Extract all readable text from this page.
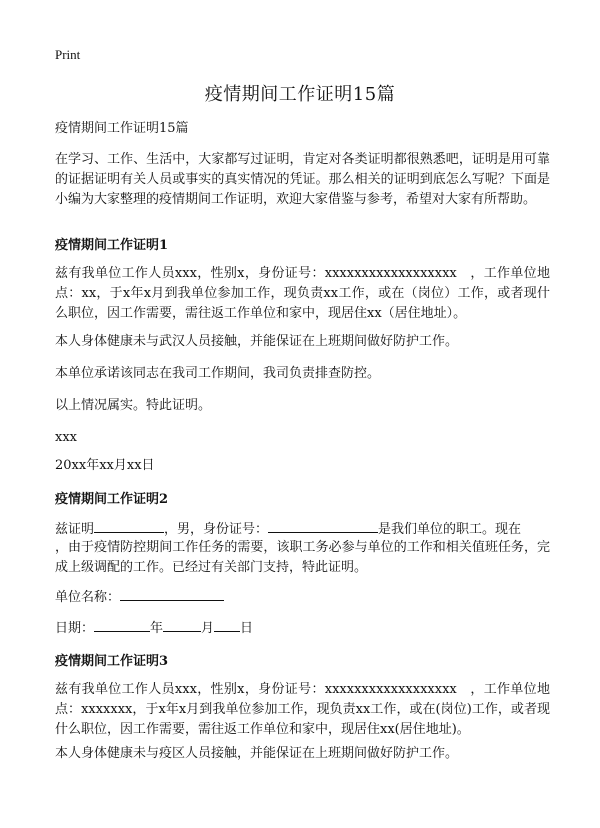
Print
疫情期间工作证明15篇

疫情期间工作证明15篇

在学习、工作、生活中，大家都写过证明，肯定对各类证明都很熟悉吧，证明是用可靠的证据证明有关人员或事实的真实情况的凭证。那么相关的证明到底怎么写呢？下面是小编为大家整理的疫情期间工作证明，欢迎大家借鉴与参考，希望对大家有所帮助。

疫情期间工作证明1

兹有我单位工作人员xxx，性别x，身份证号：xxxxxxxxxxxxxxxxxx　，工作单位地点：xx，于x年x月到我单位参加工作，现负责xx工作，或在（岗位）工作，或者现什么职位，因工作需要，需往返工作单位和家中，现居住xx（居住地址）。

本人身体健康未与武汉人员接触，并能保证在上班期间做好防护工作。

本单位承诺该同志在我司工作期间，我司负责排查防控。

以上情况属实。特此证明。

xxx

20xx年xx月xx日

疫情期间工作证明2
兹证明	，男，身份证号：	是我们单位的职工。现在

，由于疫情防控期间工作任务的需要，该职工务必参与单位的工作和相关值班任务，完成上级调配的工作。已经过有关部门支持，特此证明。

单位名称：
日期：	年	月 日
疫情期间工作证明3

兹有我单位工作人员xxx，性别x，身份证号：xxxxxxxxxxxxxxxxxx　，工作单位地点：xxxxxxx，于x年x月到我单位参加工作，现负责xx工作，或在(岗位)工作，或者现什么职位，因工作需要，需往返工作单位和家中，现居住xx(居住地址)。

本人身体健康未与疫区人员接触，并能保证在上班期间做好防护工作。
